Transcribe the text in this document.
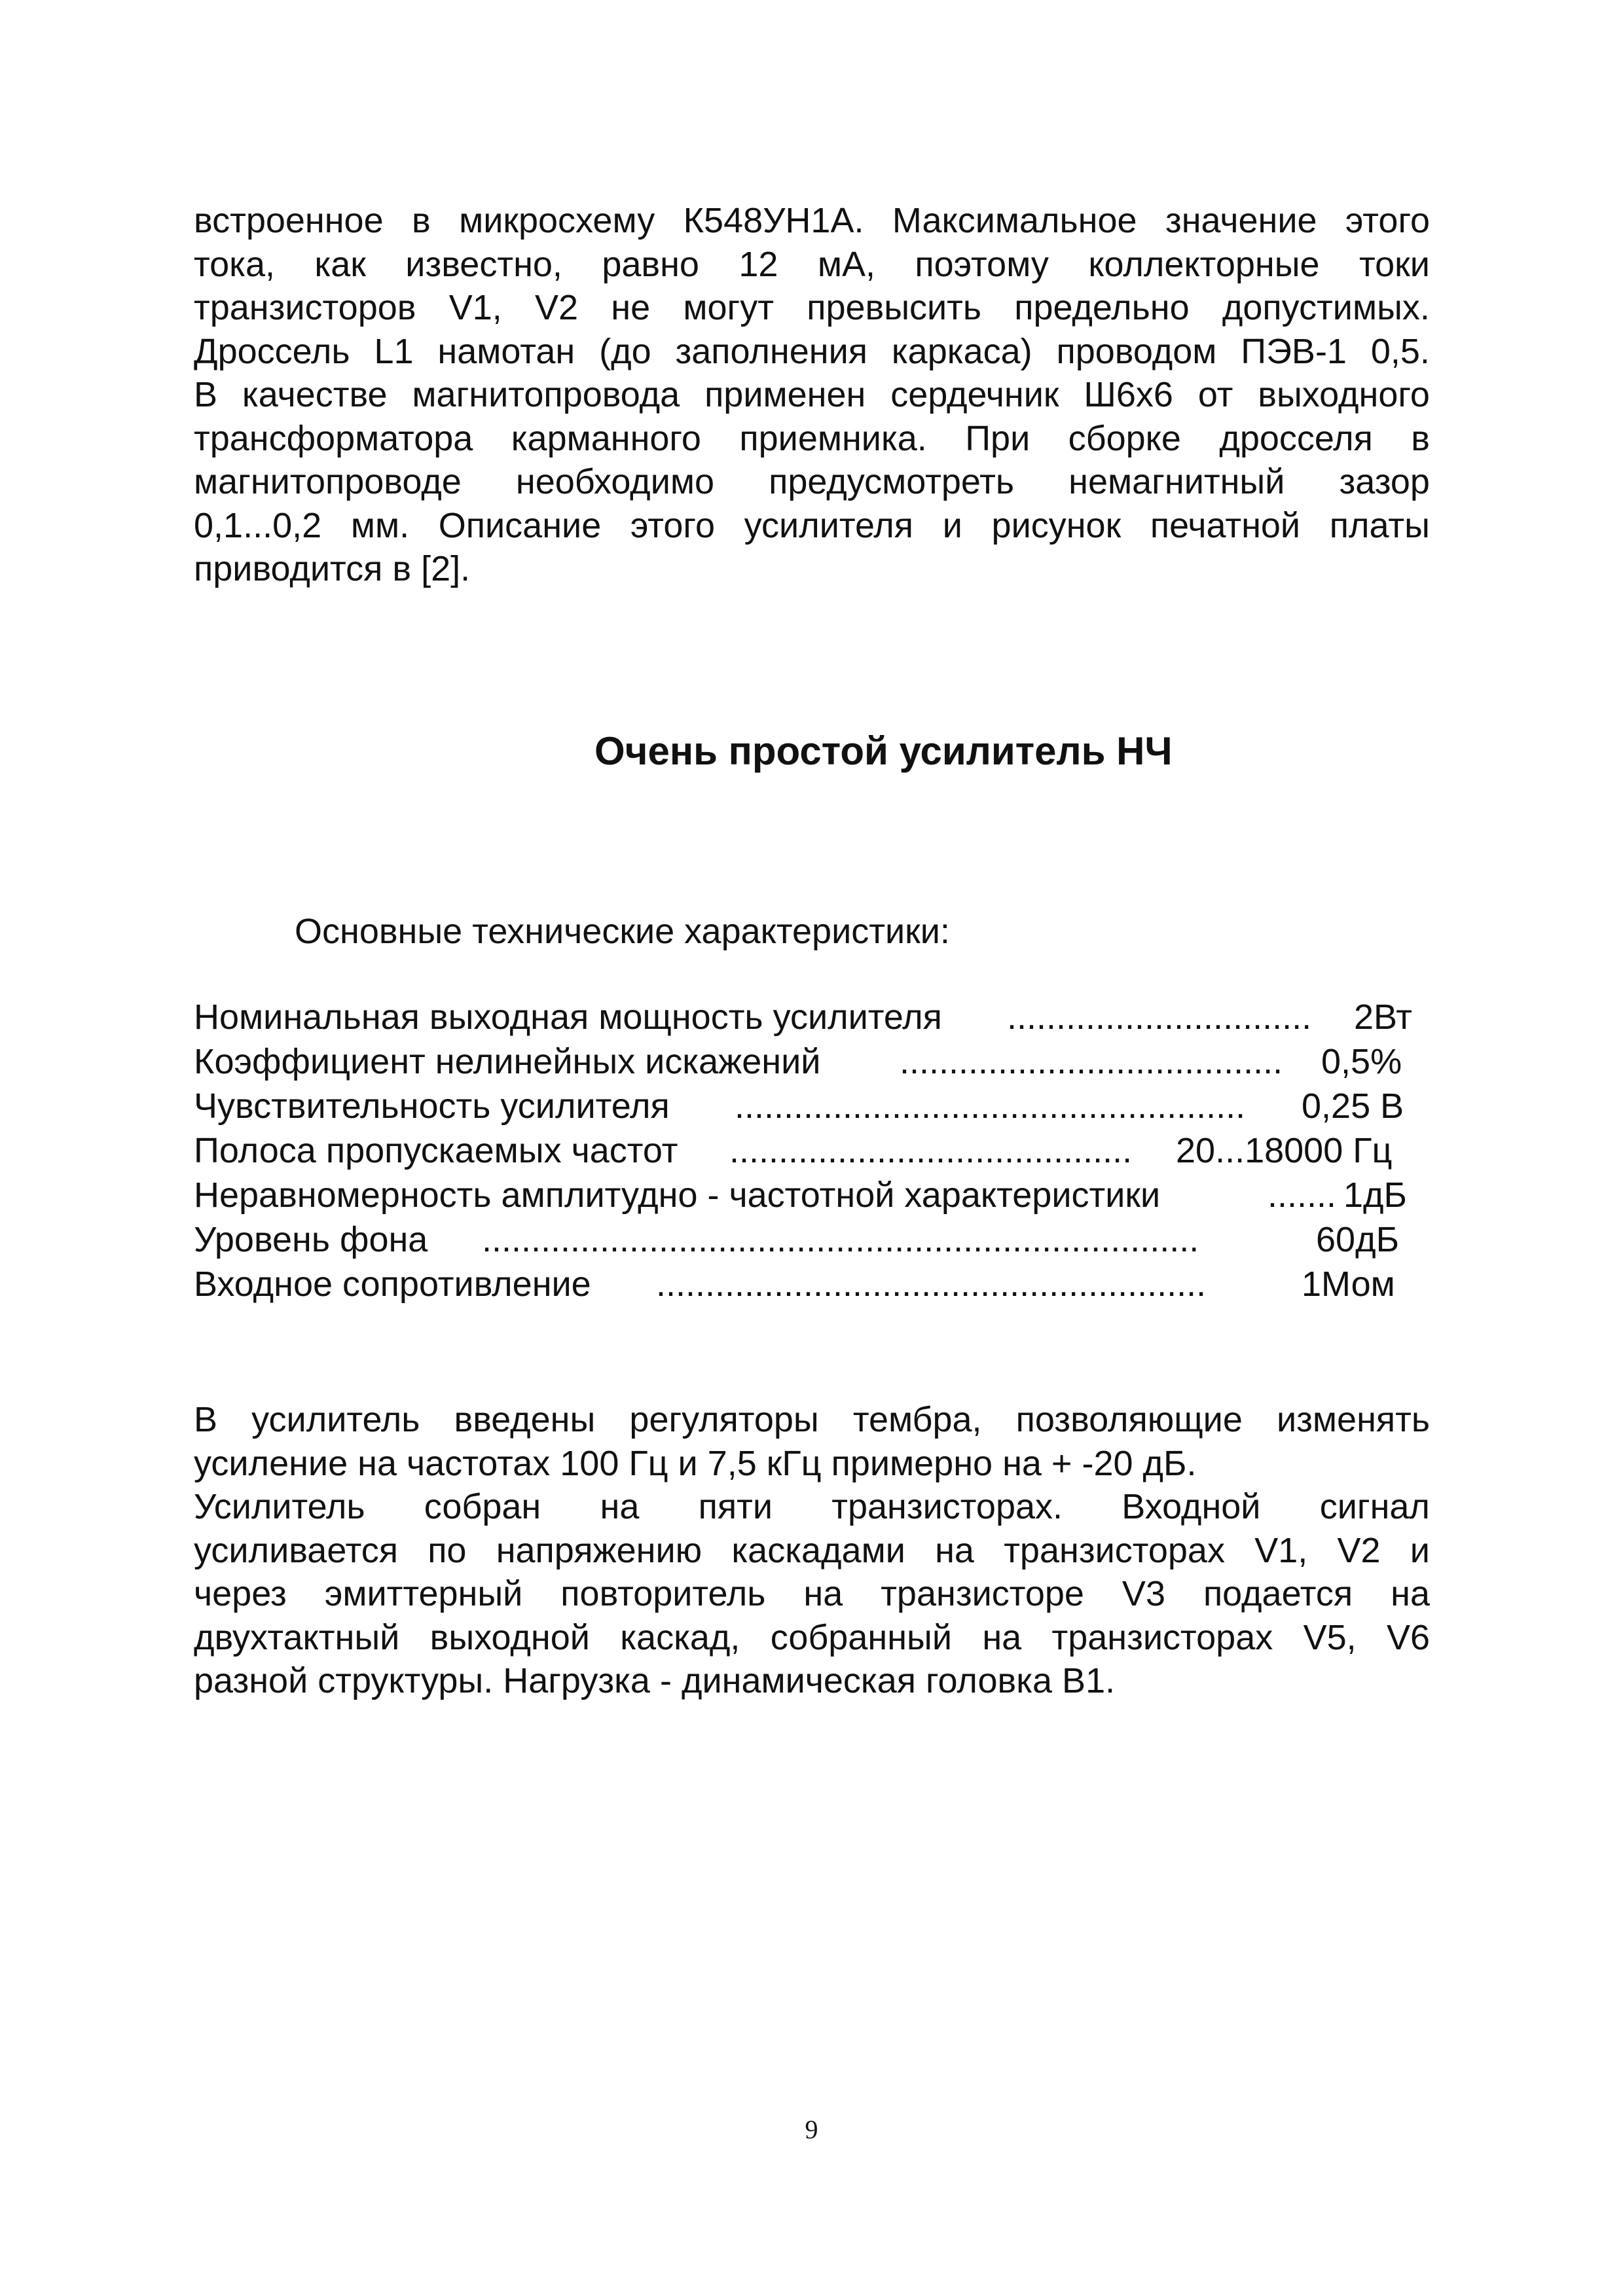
встроенное в микросхему К548УН1А. Максимальное значение этого
тока, как известно, равно 12 мА, поэтому коллекторные токи
транзисторов V1, V2 не могут превысить предельно допустимых.
Дроссель L1 намотан (до заполнения каркаса) проводом ПЭВ-1 0,5.
В качестве магнитопровода применен сердечник Ш6х6 от выходного
трансформатора карманного приемника. При сборке дросселя в
магнитопроводе необходимо предусмотреть немагнитный зазор
0,1...0,2 мм. Описание этого усилителя и рисунок печатной платы
приводится в [2].
Очень простой усилитель НЧ
Основные технические характеристики:
Номинальная выходная мощность усилителя ............................... 2Вт
Коэффициент нелинейных искажений ....................................... 0,5%
Чувствительность усилителя .................................................... 0,25 В
Полоса пропускаемых частот ......................................... 20...18000 Гц
Неравномерность амплитудно - частотной характеристики	....... 1дБ
Уровень фона .........................................................................	60дБ
Входное сопротивление ........................................................	1Мом
В усилитель введены регуляторы тембра, позволяющие изменять
усиление на частотах 100 Гц и 7,5 кГц примерно на + -20 дБ.
Усилитель собран на пяти транзисторах. Входной сигнал
усиливается по напряжению каскадами на транзисторах V1, V2 и
через эмиттерный повторитель на транзисторе V3 подается на
двухтактный выходной каскад, собранный на транзисторах V5, V6
разной структуры. Нагрузка - динамическая головка B1.
9
